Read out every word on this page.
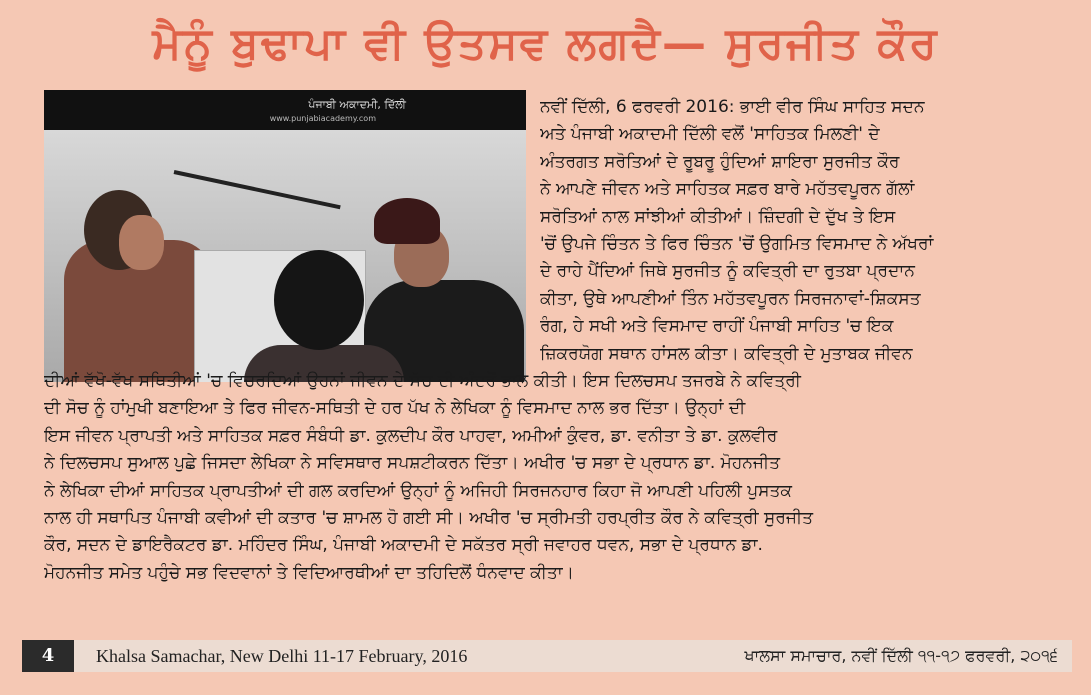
ਮੈਨੂੰ ਬੁਢਾਪਾ ਵੀ ਉਤਸਵ ਲਗਦੈ— ਸੁਰਜੀਤ ਕੌਰ
ਪੰਜਾਬੀ ਅਕਾਦਮੀ, ਦਿੱਲੀ
www.punjabiacademy.com
ਨਵੀਂ ਦਿੱਲੀ, 6 ਫਰਵਰੀ 2016: ਭਾਈ ਵੀਰ ਸਿੰਘ ਸਾਹਿਤ ਸਦਨ
ਅਤੇ ਪੰਜਾਬੀ ਅਕਾਦਮੀ ਦਿੱਲੀ ਵਲੋਂ 'ਸਾਹਿਤਕ ਮਿਲਣੀ' ਦੇ
ਅੰਤਰਗਤ ਸਰੋਤਿਆਂ ਦੇ ਰੂਬਰੂ ਹੁੰਦਿਆਂ ਸ਼ਾਇਰਾ ਸੁਰਜੀਤ ਕੌਰ
ਨੇ ਆਪਣੇ ਜੀਵਨ ਅਤੇ ਸਾਹਿਤਕ ਸਫ਼ਰ ਬਾਰੇ ਮਹੱਤਵਪੂਰਨ ਗੱਲਾਂ
ਸਰੋਤਿਆਂ ਨਾਲ ਸਾਂਝੀਆਂ ਕੀਤੀਆਂ। ਜ਼ਿੰਦਗੀ ਦੇ ਦੁੱਖ ਤੇ ਇਸ
'ਚੋਂ ਉਪਜੇ ਚਿੰਤਨ ਤੇ ਫਿਰ ਚਿੰਤਨ 'ਚੋਂ ਉਗਮਿਤ ਵਿਸਮਾਦ ਨੇ ਅੱਖਰਾਂ
ਦੇ ਰਾਹੇ ਪੈਂਦਿਆਂ ਜਿਥੇ ਸੁਰਜੀਤ ਨੂੰ ਕਵਿਤ੍ਰੀ ਦਾ ਰੁਤਬਾ ਪ੍ਰਦਾਨ
ਕੀਤਾ, ਉਥੇ ਆਪਣੀਆਂ ਤਿੰਨ ਮਹੱਤਵਪੂਰਨ ਸਿਰਜਨਾਵਾਂ-ਸ਼ਿਕਸਤ
ਰੰਗ, ਹੇ ਸਖੀ ਅਤੇ ਵਿਸਮਾਦ ਰਾਹੀਂ ਪੰਜਾਬੀ ਸਾਹਿਤ 'ਚ ਇਕ
ਜ਼ਿਕਰਯੋਗ ਸਥਾਨ ਹਾਂਸਲ ਕੀਤਾ। ਕਵਿਤ੍ਰੀ ਦੇ ਮੁਤਾਬਕ ਜੀਵਨ
ਦੀਆਂ ਵੱਖੋ-ਵੱਖ ਸਥਿਤੀਆਂ 'ਚ ਵਿਚਰਦਿਆਂ ਉਹਨਾਂ ਜੀਵਨ ਦੇ ਸੱਚ ਦੀ ਅੰਦਰੋਂ ਭਾਲ ਕੀਤੀ। ਇਸ ਦਿਲਚਸਪ ਤਜਰਬੇ ਨੇ ਕਵਿਤ੍ਰੀ
ਦੀ ਸੋਚ ਨੂੰ ਹਾਂਮੁਖੀ ਬਣਾਇਆ ਤੇ ਫਿਰ ਜੀਵਨ-ਸਥਿਤੀ ਦੇ ਹਰ ਪੱਖ ਨੇ ਲੇਖਿਕਾ ਨੂੰ ਵਿਸਮਾਦ ਨਾਲ ਭਰ ਦਿੱਤਾ। ਉਨ੍ਹਾਂ ਦੀ
ਇਸ ਜੀਵਨ ਪ੍ਰਾਪਤੀ ਅਤੇ ਸਾਹਿਤਕ ਸਫ਼ਰ ਸੰਬੰਧੀ ਡਾ. ਕੁਲਦੀਪ ਕੌਰ ਪਾਹਵਾ, ਅਮੀਆਂ ਕੁੰਵਰ, ਡਾ. ਵਨੀਤਾ ਤੇ ਡਾ. ਕੁਲਵੀਰ
ਨੇ ਦਿਲਚਸਪ ਸੁਆਲ ਪੁਛੇ ਜਿਸਦਾ ਲੇਖਿਕਾ ਨੇ ਸਵਿਸਥਾਰ ਸਪਸ਼ਟੀਕਰਨ ਦਿੱਤਾ। ਅਖੀਰ 'ਚ ਸਭਾ ਦੇ ਪ੍ਰਧਾਨ ਡਾ. ਮੋਹਨਜੀਤ
ਨੇ ਲੇਖਿਕਾ ਦੀਆਂ ਸਾਹਿਤਕ ਪ੍ਰਾਪਤੀਆਂ ਦੀ ਗਲ ਕਰਦਿਆਂ ਉਨ੍ਹਾਂ ਨੂੰ ਅਜਿਹੀ ਸਿਰਜਨਹਾਰ ਕਿਹਾ ਜੋ ਆਪਣੀ ਪਹਿਲੀ ਪੁਸਤਕ
ਨਾਲ ਹੀ ਸਥਾਪਿਤ ਪੰਜਾਬੀ ਕਵੀਆਂ ਦੀ ਕਤਾਰ 'ਚ ਸ਼ਾਮਲ ਹੋ ਗਈ ਸੀ। ਅਖੀਰ 'ਚ ਸ੍ਰੀਮਤੀ ਹਰਪ੍ਰੀਤ ਕੌਰ ਨੇ ਕਵਿਤ੍ਰੀ ਸੁਰਜੀਤ
ਕੌਰ, ਸਦਨ ਦੇ ਡਾਇਰੈਕਟਰ ਡਾ. ਮਹਿੰਦਰ ਸਿੰਘ, ਪੰਜਾਬੀ ਅਕਾਦਮੀ ਦੇ ਸਕੱਤਰ ਸ੍ਰੀ ਜਵਾਹਰ ਧਵਨ, ਸਭਾ ਦੇ ਪ੍ਰਧਾਨ ਡਾ.
ਮੋਹਨਜੀਤ ਸਮੇਤ ਪਹੁੰਚੇ ਸਭ ਵਿਦਵਾਨਾਂ ਤੇ ਵਿਦਿਆਰਥੀਆਂ ਦਾ ਤਹਿਦਿਲੋਂ ਧੰਨਵਾਦ ਕੀਤਾ।
4	Khalsa Samachar, New Delhi 11-17 February, 2016	ਖਾਲਸਾ ਸਮਾਚਾਰ, ਨਵੀਂ ਦਿੱਲੀ ੧੧-੧੭ ਫਰਵਰੀ, ੨੦੧੬
